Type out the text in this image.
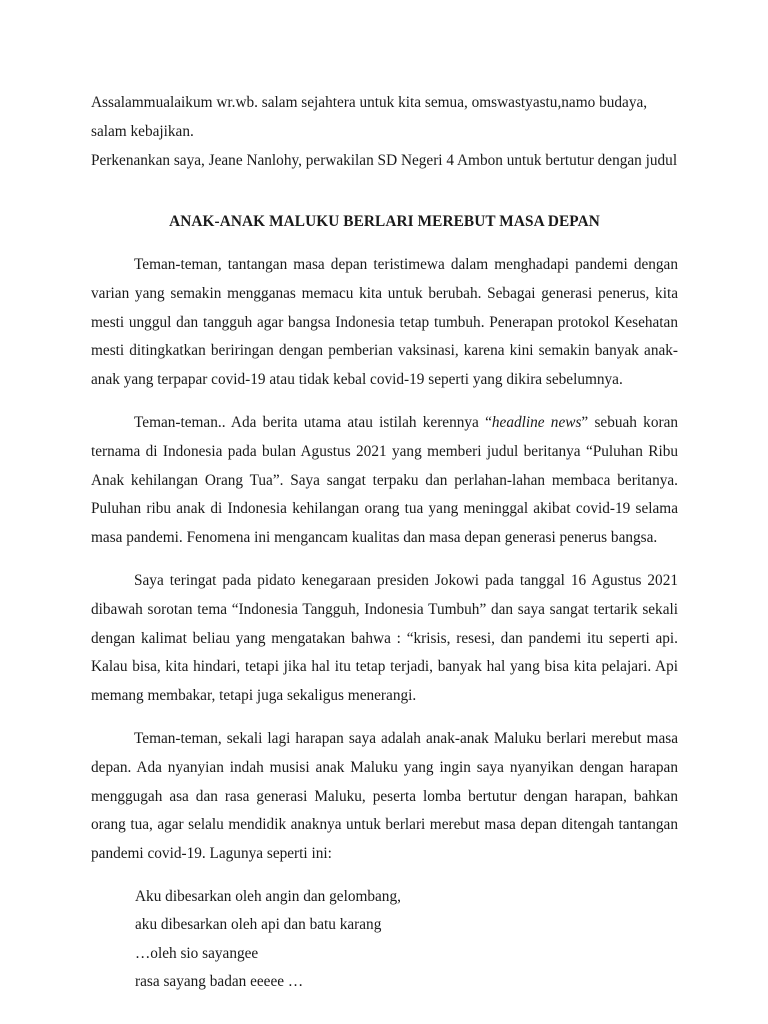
Assalammualaikum wr.wb. salam sejahtera untuk kita semua, omswastyastu,namo budaya, salam kebajikan.

Perkenankan saya, Jeane Nanlohy, perwakilan SD Negeri 4 Ambon untuk bertutur dengan judul

ANAK-ANAK MALUKU BERLARI MEREBUT MASA DEPAN

Teman-teman, tantangan masa depan teristimewa dalam menghadapi pandemi dengan varian yang semakin mengganas memacu kita untuk berubah. Sebagai generasi penerus, kita mesti unggul dan tangguh agar bangsa Indonesia tetap tumbuh. Penerapan protokol Kesehatan mesti ditingkatkan beriringan dengan pemberian vaksinasi, karena kini semakin banyak anak-anak yang terpapar covid-19 atau tidak kebal covid-19 seperti yang dikira sebelumnya.

Teman-teman.. Ada berita utama atau istilah kerennya “headline news” sebuah koran ternama di Indonesia pada bulan Agustus 2021 yang memberi judul beritanya “Puluhan Ribu Anak kehilangan Orang Tua”. Saya sangat terpaku dan perlahan-lahan membaca beritanya. Puluhan ribu anak di Indonesia kehilangan orang tua yang meninggal akibat covid-19 selama masa pandemi. Fenomena ini mengancam kualitas dan masa depan generasi penerus bangsa.

Saya teringat pada pidato kenegaraan presiden Jokowi pada tanggal 16 Agustus 2021 dibawah sorotan tema “Indonesia Tangguh, Indonesia Tumbuh” dan saya sangat tertarik sekali dengan kalimat beliau yang mengatakan bahwa : “krisis, resesi, dan pandemi itu seperti api. Kalau bisa, kita hindari, tetapi jika hal itu tetap terjadi, banyak hal yang bisa kita pelajari. Api memang membakar, tetapi juga sekaligus menerangi.

Teman-teman, sekali lagi harapan saya adalah anak-anak Maluku berlari merebut masa depan. Ada nyanyian indah musisi anak Maluku yang ingin saya nyanyikan dengan harapan menggugah asa dan rasa generasi Maluku, peserta lomba bertutur dengan harapan, bahkan orang tua, agar selalu mendidik anaknya untuk berlari merebut masa depan ditengah tantangan pandemi covid-19. Lagunya seperti ini:

Aku dibesarkan oleh angin dan gelombang,
aku dibesarkan oleh api dan batu karang
…oleh sio sayangee
rasa sayang badan eeeee …
